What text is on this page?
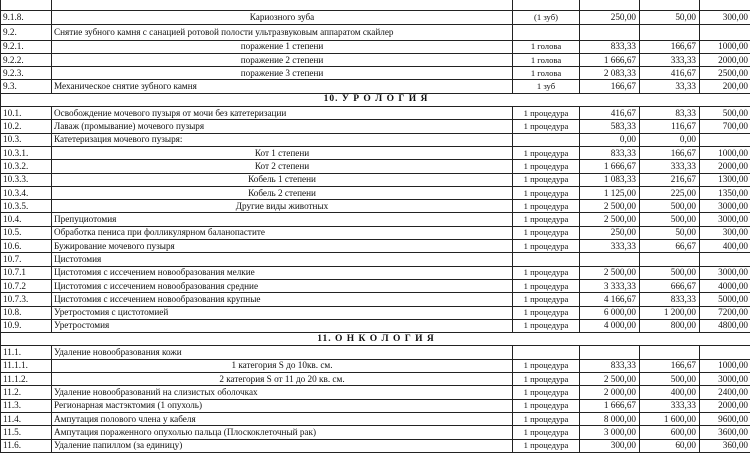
9.1.8.	Кариозного зуба	(1 зуб)	250,00	50,00	300,00
9.2.	Снятие зубного камня с санацией ротовой полости ультразвуковым аппаратом скайлер				
9.2.1.	поражение 1 степени	1 голова	833,33	166,67	1000,00
9.2.2.	поражение 2 степени	1 голова	1 666,67	333,33	2000,00
9.2.3.	поражение 3 степени	1 голова	2 083,33	416,67	2500,00
9.3.	Механическое снятие зубного камня	1 зуб	166,67	33,33	200,00
10. У Р О Л О Г И Я					
10.1.	Освобождение мочевого пузыря от мочи без катетеризации	1 процедура	416,67	83,33	500,00
10.2.	Лаваж (промывание) мочевого пузыря	1 процедура	583,33	116,67	700,00
10.3.	Катетеризация мочевого пузыря:		0,00	0,00	
10.3.1.	Кот 1 степени	1 процедура	833,33	166,67	1000,00
10.3.2.	Кот 2 степени	1 процедура	1 666,67	333,33	2000,00
10.3.3.	Кобель 1 степени	1 процедура	1 083,33	216,67	1300,00
10.3.4.	Кобель 2 степени	1 процедура	1 125,00	225,00	1350,00
10.3.5.	Другие виды животных	1 процедура	2 500,00	500,00	3000,00
10.4.	Препуциотомия	1 процедура	2 500,00	500,00	3000,00
10.5.	Обработка пениса при фолликулярном баланопастите	1 процедура	250,00	50,00	300,00
10.6.	Бужирование мочевого пузыря	1 процедура	333,33	66,67	400,00
10.7.	Цистотомия				
10.7.1	Цистотомия с иссечением новообразования мелкие	1 процедура	2 500,00	500,00	3000,00
10.7.2	Цистотомия с иссечением новообразования средние	1 процедура	3 333,33	666,67	4000,00
10.7.3.	Цистотомия с иссечением новообразования крупные	1 процедура	4 166,67	833,33	5000,00
10.8.	Уретростомия с цистотомией	1 процедура	6 000,00	1 200,00	7200,00
10.9.	Уретростомия	1 процедура	4 000,00	800,00	4800,00
11. О Н К О Л О Г И Я					
11.1.	Удаление новообразования кожи				
11.1.1.	1 категория S до 10кв. см.	1 процедура	833,33	166,67	1000,00
11.1.2.	2 категория S от 11 до 20 кв. см.	1 процедура	2 500,00	500,00	3000,00
11.2.	Удаление новообразований на слизистых оболочках	1 процедура	2 000,00	400,00	2400,00
11.3.	Регионарная мастэктомия (1 опухоль)	1 процедура	1 666,67	333,33	2000,00
11.4.	Ампутация полового члена у кабеля	1 процедура	8 000,00	1 600,00	9600,00
11.5.	Ампутация пораженного опухолью пальца (Плоскоклеточный рак)	1 процедура	3 000,00	600,00	3600,00
11.6.	Удаление папиллом (за единицу)	1 процедура	300,00	60,00	360,00
